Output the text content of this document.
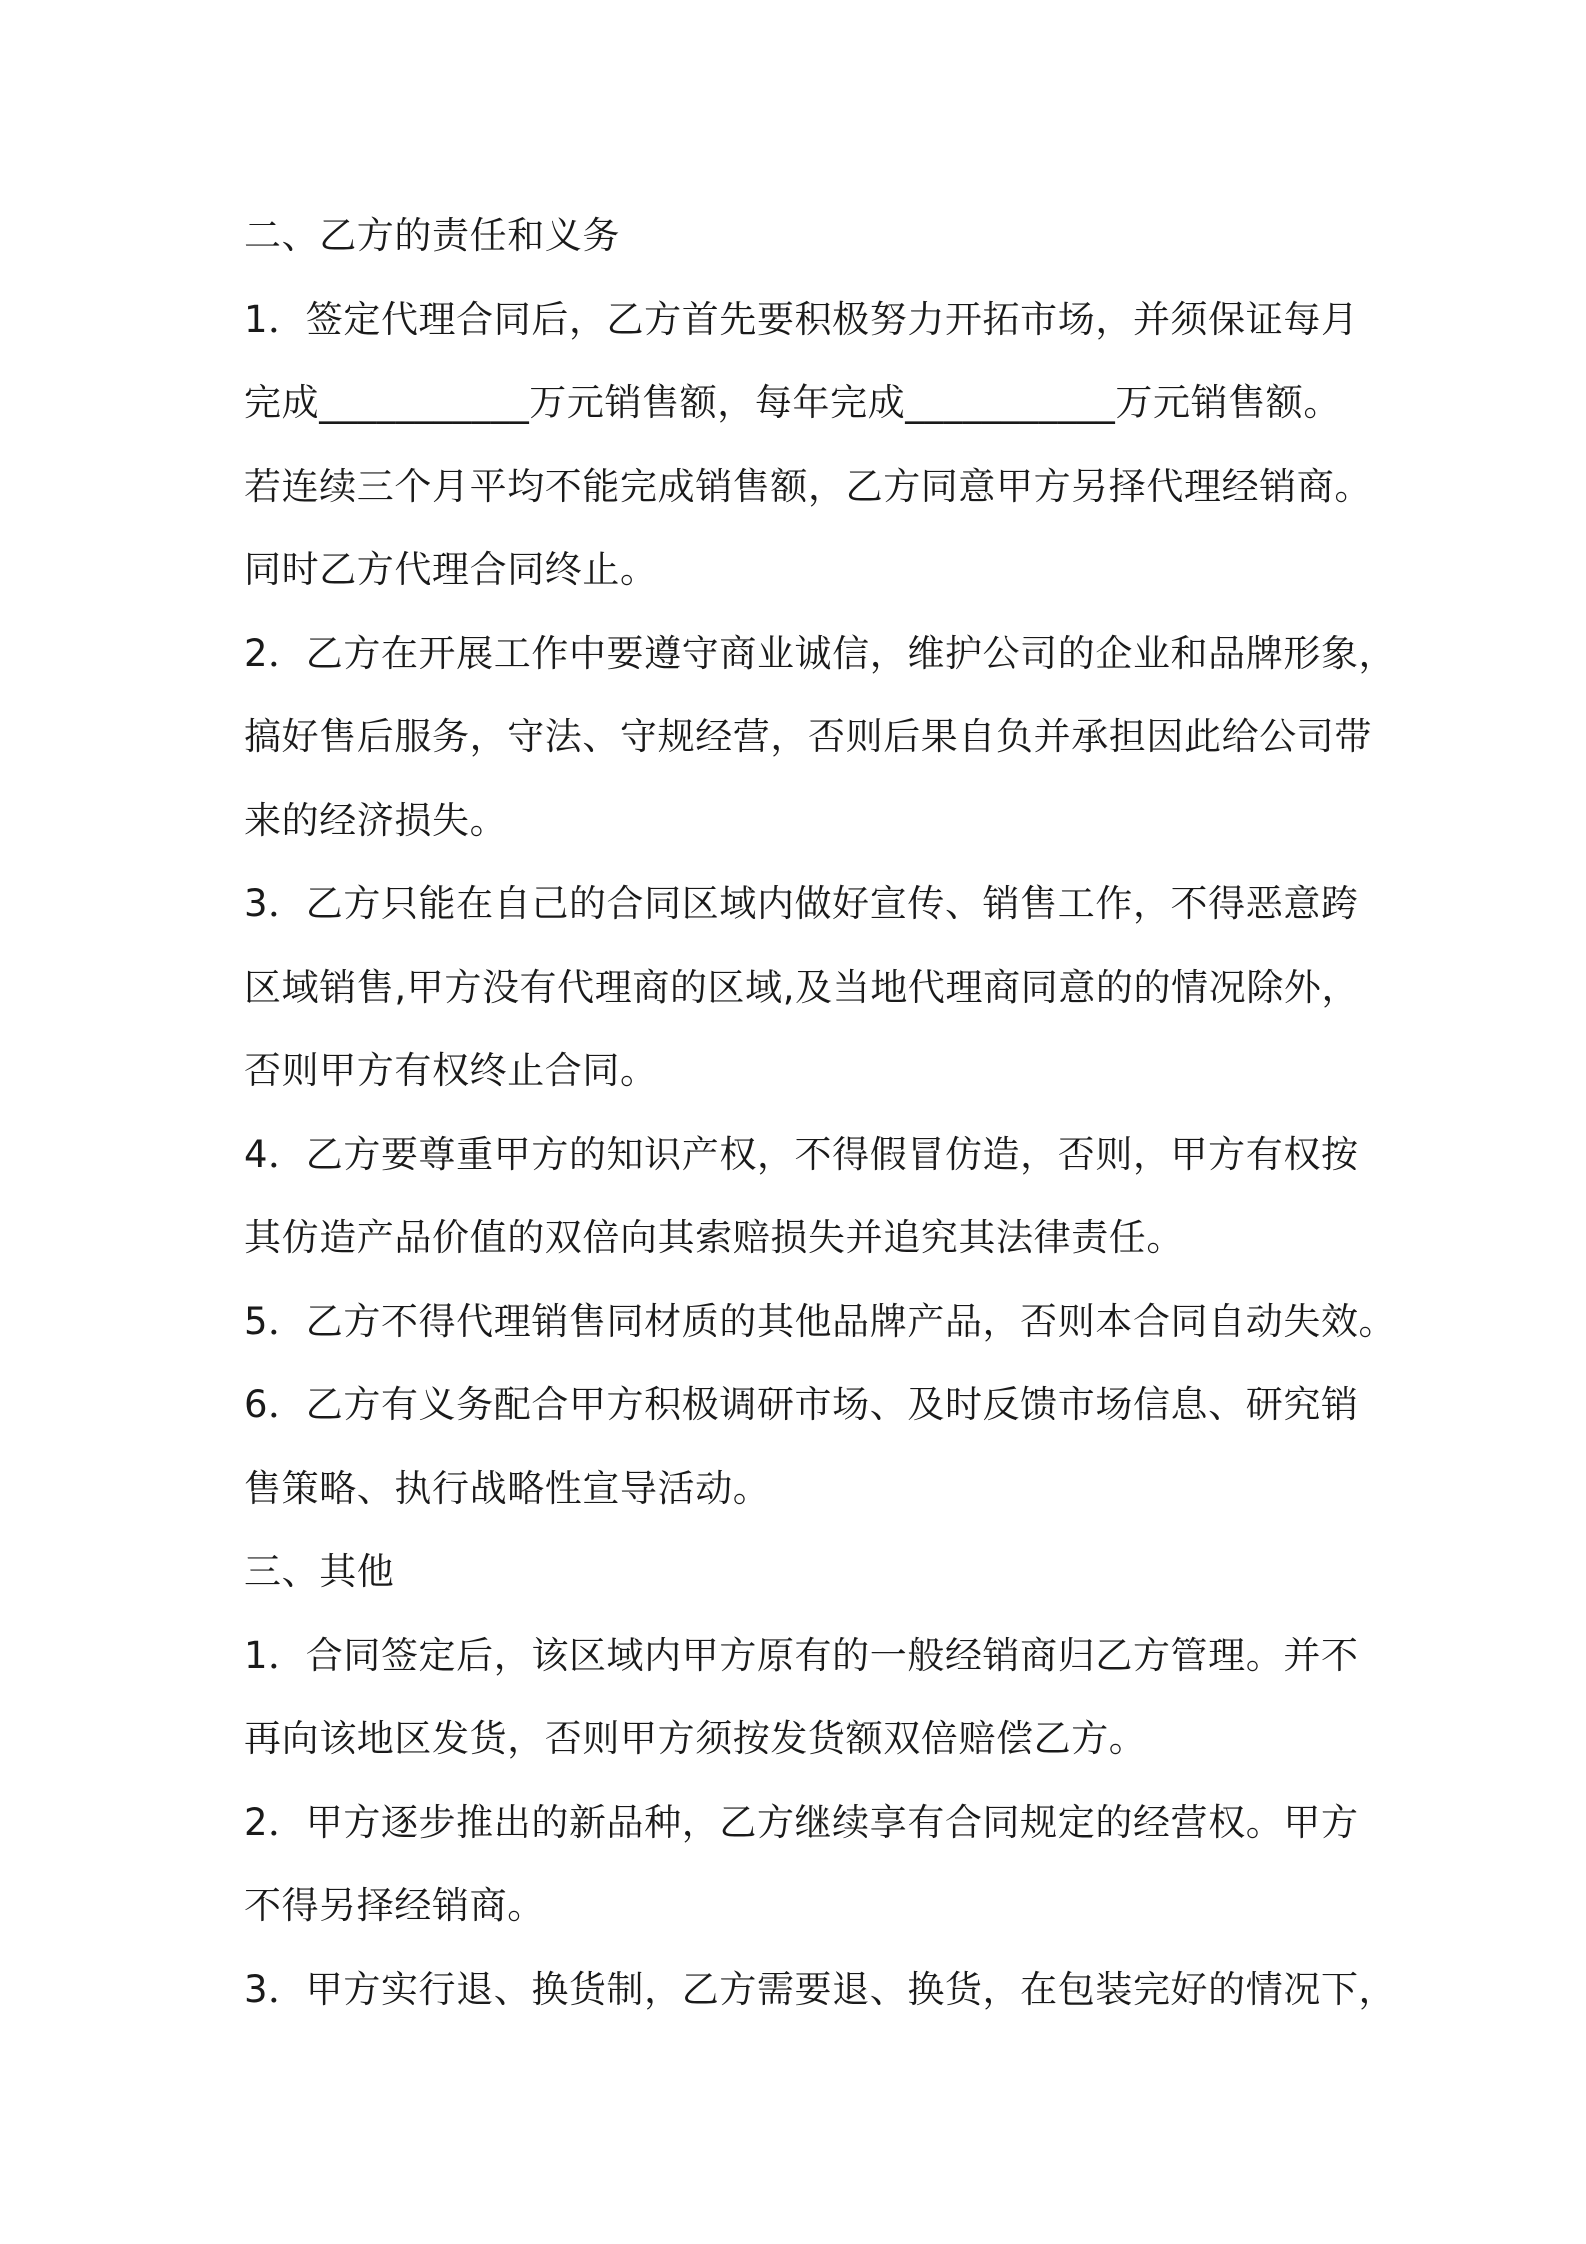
二、乙方的责任和义务
1．签定代理合同后，乙方首先要积极努力开拓市场，并须保证每月
完成___________万元销售额，每年完成___________万元销售额。
若连续三个月平均不能完成销售额，乙方同意甲方另择代理经销商。
同时乙方代理合同终止。
2．乙方在开展工作中要遵守商业诚信，维护公司的企业和品牌形象，
搞好售后服务，守法、守规经营，否则后果自负并承担因此给公司带
来的经济损失。
3．乙方只能在自己的合同区域内做好宣传、销售工作，不得恶意跨
区域销售,甲方没有代理商的区域,及当地代理商同意的的情况除外，
否则甲方有权终止合同。
4．乙方要尊重甲方的知识产权，不得假冒仿造，否则，甲方有权按
其仿造产品价值的双倍向其索赔损失并追究其法律责任。
5．乙方不得代理销售同材质的其他品牌产品，否则本合同自动失效。
6．乙方有义务配合甲方积极调研市场、及时反馈市场信息、研究销
售策略、执行战略性宣导活动。
三、其他
1．合同签定后，该区域内甲方原有的一般经销商归乙方管理。并不
再向该地区发货，否则甲方须按发货额双倍赔偿乙方。
2．甲方逐步推出的新品种，乙方继续享有合同规定的经营权。甲方
不得另择经销商。
3．甲方实行退、换货制，乙方需要退、换货，在包装完好的情况下，
